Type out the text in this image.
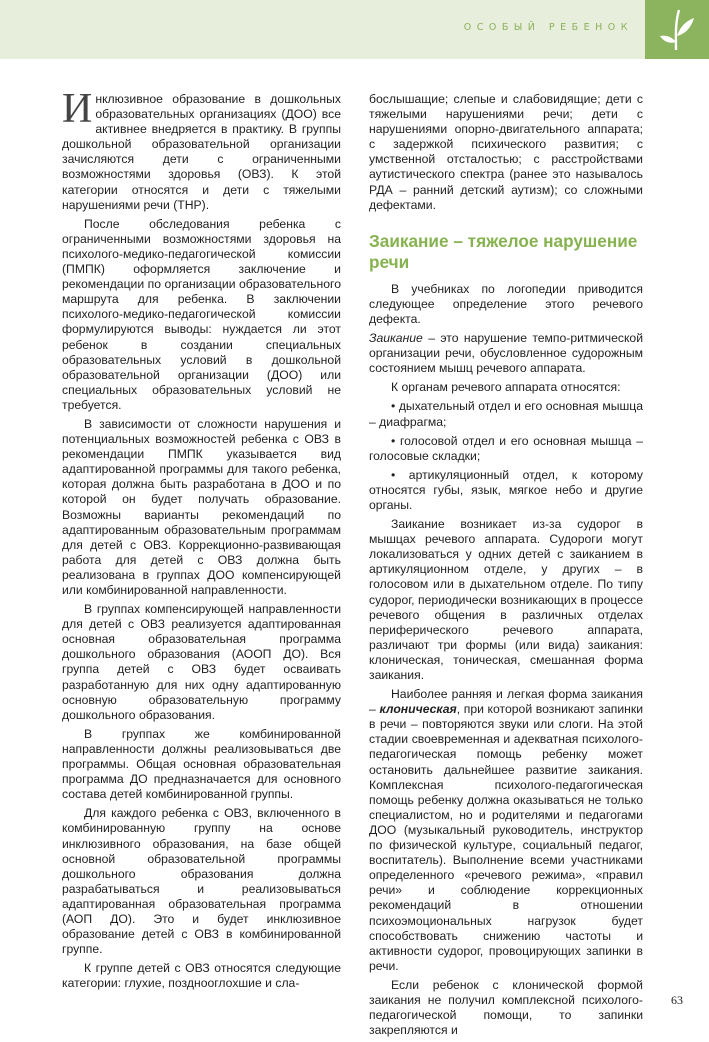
ОСОБЫЙ РЕБЕНОК

Инклюзивное образование в дошкольных образовательных организациях (ДОО) все активнее внедряется в практику. В группы дошкольной образовательной организации зачисляются дети с ограниченными возможностями здоровья (ОВЗ). К этой категории относятся и дети с тяжелыми нарушениями речи (ТНР).

После обследования ребенка с ограниченными возможностями здоровья на психолого-медико-педагогической комиссии (ПМПК) оформляется заключение и рекомендации по организации образовательного маршрута для ребенка. В заключении психолого-медико-педагогической комиссии формулируются выводы: нуждается ли этот ребенок в создании специальных образовательных условий в дошкольной образовательной организации (ДОО) или специальных образовательных условий не требуется.

В зависимости от сложности нарушения и потенциальных возможностей ребенка с ОВЗ в рекомендации ПМПК указывается вид адаптированной программы для такого ребенка, которая должна быть разработана в ДОО и по которой он будет получать образование. Возможны варианты рекомендаций по адаптированным образовательным программам для детей с ОВЗ. Коррекционно-развивающая работа для детей с ОВЗ должна быть реализована в группах ДОО компенсирующей или комбинированной направленности.

В группах компенсирующей направленности для детей с ОВЗ реализуется адаптированная основная образовательная программа дошкольного образования (АООП ДО). Вся группа детей с ОВЗ будет осваивать разработанную для них одну адаптированную основную образовательную программу дошкольного образования.

В группах же комбинированной направленности должны реализовываться две программы. Общая основная образовательная программа ДО предназначается для основного состава детей комбинированной группы.

Для каждого ребенка с ОВЗ, включенного в комбинированную группу на основе инклюзивного образования, на базе общей основной образовательной программы дошкольного образования должна разрабатываться и реализовываться адаптированная образовательная программа (АОП ДО). Это и будет инклюзивное образование детей с ОВЗ в комбинированной группе.

К группе детей с ОВЗ относятся следующие категории: глухие, позднооглохшие и сла-

бослышащие; слепые и слабовидящие; дети с тяжелыми нарушениями речи; дети с нарушениями опорно-двигательного аппарата; с задержкой психического развития; с умственной отсталостью; с расстройствами аутистического спектра (ранее это называлось РДА – ранний детский аутизм); со сложными дефектами.

Заикание – тяжелое нарушение речи

В учебниках по логопедии приводится следующее определение этого речевого дефекта.

Заикание – это нарушение темпо-ритмической организации речи, обусловленное судорожным состоянием мышц речевого аппарата.

К органам речевого аппарата относятся:

• дыхательный отдел и его основная мышца – диафрагма;

• голосовой отдел и его основная мышца – голосовые складки;

• артикуляционный отдел, к которому относятся губы, язык, мягкое небо и другие органы.

Заикание возникает из-за судорог в мышцах речевого аппарата. Судороги могут локализоваться у одних детей с заиканием в артикуляционном отделе, у других – в голосовом или в дыхательном отделе. По типу судорог, периодически возникающих в процессе речевого общения в различных отделах периферического речевого аппарата, различают три формы (или вида) заикания: клоническая, тоническая, смешанная форма заикания.

Наиболее ранняя и легкая форма заикания – клоническая, при которой возникают запинки в речи – повторяются звуки или слоги. На этой стадии своевременная и адекватная психолого-педагогическая помощь ребенку может остановить дальнейшее развитие заикания. Комплексная психолого-педагогическая помощь ребенку должна оказываться не только специалистом, но и родителями и педагогами ДОО (музыкальный руководитель, инструктор по физической культуре, социальный педагог, воспитатель). Выполнение всеми участниками определенного «речевого режима», «правил речи» и соблюдение коррекционных рекомендаций в отношении психоэмоциональных нагрузок будет способствовать снижению частоты и активности судорог, провоцирующих запинки в речи.

Если ребенок с клонической формой заикания не получил комплексной психолого-педагогической помощи, то запинки закрепляются и

63
